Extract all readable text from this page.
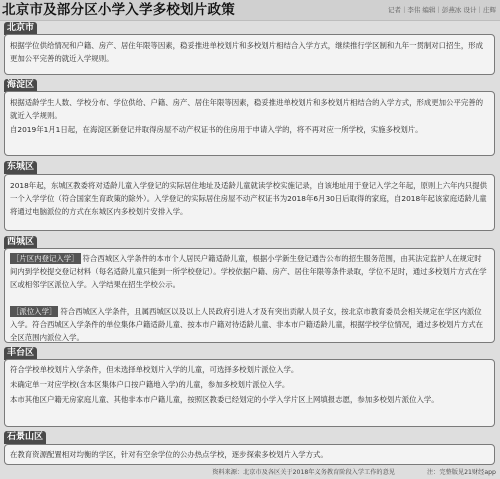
北京市及部分区小学入学多校划片政策	记者｜李伟 编辑｜彭燕冰 设计｜庄辉
北京市
根据学位供给情况和户籍、房产、居住年限等因素，稳妥推进单校划片和多校划片相结合入学方式，继续推行学区制和九年一贯制对口招生，形成更加公平完善的就近入学规则。
海淀区
根据适龄学生人数、学校分布、学位供给、户籍、房产、居住年限等因素，稳妥推进单校划片和多校划片相结合的入学方式，形成更加公平完善的就近入学规则。
自2019年1月1日起，在海淀区新登记并取得房屋不动产权证书的住房用于申请入学的，将不再对应一所学校，实施多校划片。
东城区
2018年起，东城区教委将对适龄儿童入学登记的实际居住地址及适龄儿童就读学校实施记录，自该地址用于登记入学之年起，原则上六年内只提供一个入学学位（符合国家生育政策的除外）。入学登记的实际居住房屋不动产权证书为2018年6月30日后取得的家庭，自2018年起该家庭适龄儿童将通过电脑派位的方式在东城区内多校划片安排入学。
西城区
［片区内登记入学］ 符合西城区入学条件的本市个人居民户籍适龄儿童，根据小学新生登记通告公布的招生服务范围，由其法定监护人在规定时间内到学校提交登记材料（每名适龄儿童只能到一所学校登记）。学校依据户籍、房产、居住年限等条件录取，学位不足时，通过多校划片方式在学区或相邻学区派位入学。入学结果在招生学校公示。
［派位入学］ 符合西城区入学条件，且属西城区以及以上人民政府引进人才及有突出贡献人员子女，按北京市教育委员会相关规定在学区内派位入学。符合西城区入学条件的单位集体户籍适龄儿童、按本市户籍对待适龄儿童、非本市户籍适龄儿童，根据学校学位情况，通过多校划片方式在全区范围内派位入学。
丰台区
符合学校单校划片入学条件，但未选择单校划片入学的儿童，可选择多校划片派位入学。
未确定单一对应学校(含本区集体户口按户籍地入学)的儿童，参加多校划片派位入学。
本市其他区户籍无房家庭儿童、其他非本市户籍儿童，按照区教委已经划定的小学入学片区上网填报志愿，参加多校划片派位入学。
石景山区
在教育资源配置相对均衡的学区，针对有空余学位的公办热点学校，逐步探索多校划片入学方式。
资料来源：北京市及各区关于2018年义务教育阶段入学工作的意见	注：完整版见21财经app
